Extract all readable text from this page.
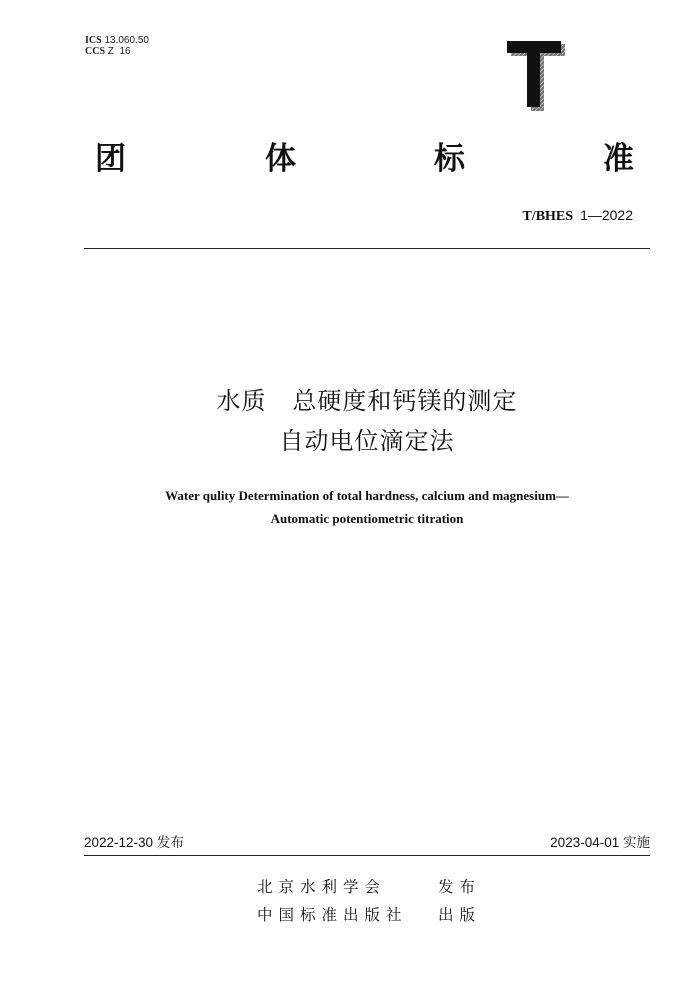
ICS 13.060.50
CCS Z  16
团	体	标	准
T/BHES 1—2022
水质   总硬度和钙镁的测定
自动电位滴定法
Water qulity Determination of total hardness, calcium and magnesium—
Automatic potentiometric titration
2022-12-30 发布	2023-04-01 实施
北京水利学会	发布
中国标准出版社 出版
